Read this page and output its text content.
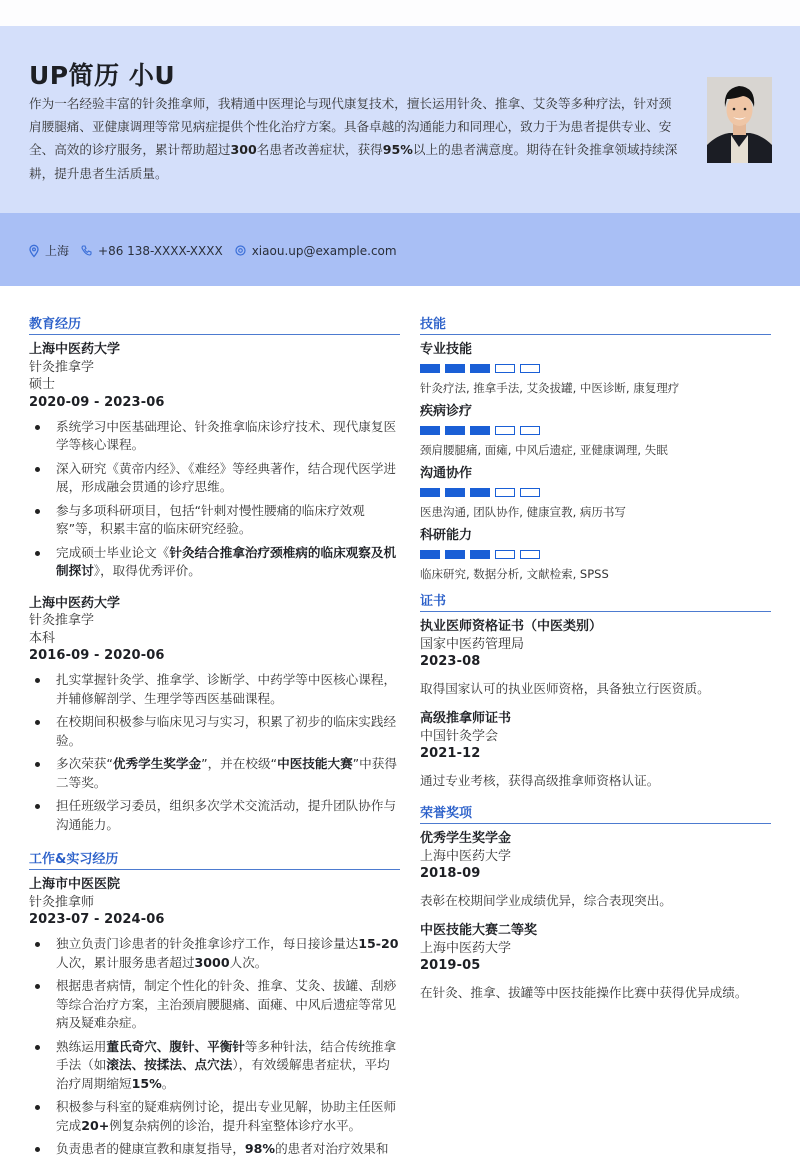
UP简历 小U
作为一名经验丰富的针灸推拿师，我精通中医理论与现代康复技术，擅长运用针灸、推拿、艾灸等多种疗法，针对颈肩腰腿痛、亚健康调理等常见病症提供个性化治疗方案。具备卓越的沟通能力和同理心，致力于为患者提供专业、安全、高效的诊疗服务，累计帮助超过300名患者改善症状，获得95%以上的患者满意度。期待在针灸推拿领域持续深耕，提升患者生活质量。
上海 +86 138-XXXX-XXXX xiaou.up@example.com
教育经历
上海中医药大学
针灸推拿学
硕士
2020-09 - 2023-06
系统学习中医基础理论、针灸推拿临床诊疗技术、现代康复医学等核心课程。
深入研究《黄帝内经》、《难经》等经典著作，结合现代医学进展，形成融会贯通的诊疗思维。
参与多项科研项目，包括“针刺对慢性腰痛的临床疗效观察”等，积累丰富的临床研究经验。
完成硕士毕业论文《针灸结合推拿治疗颈椎病的临床观察及机制探讨》，取得优秀评价。
上海中医药大学
针灸推拿学
本科
2016-09 - 2020-06
扎实掌握针灸学、推拿学、诊断学、中药学等中医核心课程，并辅修解剖学、生理学等西医基础课程。
在校期间积极参与临床见习与实习，积累了初步的临床实践经验。
多次荣获“优秀学生奖学金”，并在校级“中医技能大赛”中获得二等奖。
担任班级学习委员，组织多次学术交流活动，提升团队协作与沟通能力。
工作&实习经历
上海市中医医院
针灸推拿师
2023-07 - 2024-06
独立负责门诊患者的针灸推拿诊疗工作，每日接诊量达15-20人次，累计服务患者超过3000人次。
根据患者病情，制定个性化的针灸、推拿、艾灸、拔罐、刮痧等综合治疗方案，主治颈肩腰腿痛、面瘫、中风后遗症等常见病及疑难杂症。
熟练运用董氏奇穴、腹针、平衡针等多种针法，结合传统推拿手法（如滚法、按揉法、点穴法），有效缓解患者症状，平均治疗周期缩短15%。
积极参与科室的疑难病例讨论，提出专业见解，协助主任医师完成20+例复杂病例的诊治，提升科室整体诊疗水平。
负责患者的健康宣教和康复指导，98%的患者对治疗效果和
技能
专业技能
针灸疗法, 推拿手法, 艾灸拔罐, 中医诊断, 康复理疗
疾病诊疗
颈肩腰腿痛, 面瘫, 中风后遗症, 亚健康调理, 失眠
沟通协作
医患沟通, 团队协作, 健康宣教, 病历书写
科研能力
临床研究, 数据分析, 文献检索, SPSS
证书
执业医师资格证书（中医类别）
国家中医药管理局
2023-08
取得国家认可的执业医师资格，具备独立行医资质。
高级推拿师证书
中国针灸学会
2021-12
通过专业考核，获得高级推拿师资格认证。
荣誉奖项
优秀学生奖学金
上海中医药大学
2018-09
表彰在校期间学业成绩优异，综合表现突出。
中医技能大赛二等奖
上海中医药大学
2019-05
在针灸、推拿、拔罐等中医技能操作比赛中获得优异成绩。
